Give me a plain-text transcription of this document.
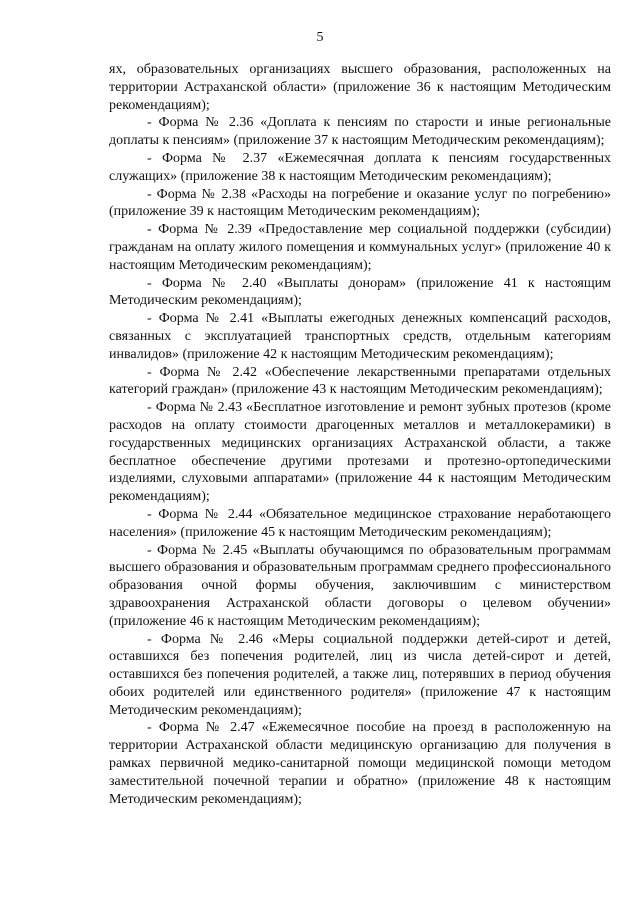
5

ях, образовательных организациях высшего образования, расположенных на территории Астраханской области» (приложение 36 к настоящим Методическим рекомендациям);

- Форма № 2.36 «Доплата к пенсиям по старости и иные региональные доплаты к пенсиям» (приложение 37 к настоящим Методическим рекомендациям);

- Форма № 2.37 «Ежемесячная доплата к пенсиям государственных служащих» (приложение 38 к настоящим Методическим рекомендациям);

- Форма № 2.38 «Расходы на погребение и оказание услуг по погребению» (приложение 39 к настоящим Методическим рекомендациям);

- Форма № 2.39 «Предоставление мер социальной поддержки (субсидии) гражданам на оплату жилого помещения и коммунальных услуг» (приложение 40 к настоящим Методическим рекомендациям);

- Форма № 2.40 «Выплаты донорам» (приложение 41 к настоящим Методическим рекомендациям);

- Форма № 2.41 «Выплаты ежегодных денежных компенсаций расходов, связанных с эксплуатацией транспортных средств, отдельным категориям инвалидов» (приложение 42 к настоящим Методическим рекомендациям);

- Форма № 2.42 «Обеспечение лекарственными препаратами отдельных категорий граждан» (приложение 43 к настоящим Методическим рекомендациям);

- Форма № 2.43 «Бесплатное изготовление и ремонт зубных протезов (кроме расходов на оплату стоимости драгоценных металлов и металлокерамики) в государственных медицинских организациях Астраханской области, а также бесплатное обеспечение другими протезами и протезно-ортопедическими изделиями, слуховыми аппаратами» (приложение 44 к настоящим Методическим рекомендациям);

- Форма № 2.44 «Обязательное медицинское страхование неработающего населения» (приложение 45 к настоящим Методическим рекомендациям);

- Форма № 2.45 «Выплаты обучающимся по образовательным программам высшего образования и образовательным программам среднего профессионального образования очной формы обучения, заключившим с министерством здравоохранения Астраханской области договоры о целевом обучении» (приложение 46 к настоящим Методическим рекомендациям);

- Форма № 2.46 «Меры социальной поддержки детей-сирот и детей, оставшихся без попечения родителей, лиц из числа детей-сирот и детей, оставшихся без попечения родителей, а также лиц, потерявших в период обучения обоих родителей или единственного родителя» (приложение 47 к настоящим Методическим рекомендациям);

- Форма № 2.47 «Ежемесячное пособие на проезд в расположенную на территории Астраханской области медицинскую организацию для получения в рамках первичной медико-санитарной помощи медицинской помощи методом заместительной почечной терапии и обратно» (приложение 48 к настоящим Методическим рекомендациям);
